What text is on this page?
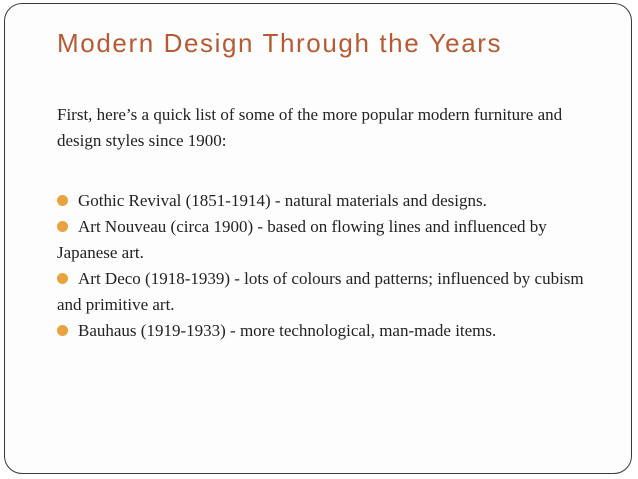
Modern Design Through the Years
First, here’s a quick list of some of the more popular modern furniture and design styles since 1900:
Gothic Revival (1851-1914) - natural materials and designs.
Art Nouveau (circa 1900) - based on flowing lines and influenced by Japanese art.
Art Deco (1918-1939) - lots of colours and patterns; influenced by cubism and primitive art.
Bauhaus (1919-1933) - more technological, man-made items.
